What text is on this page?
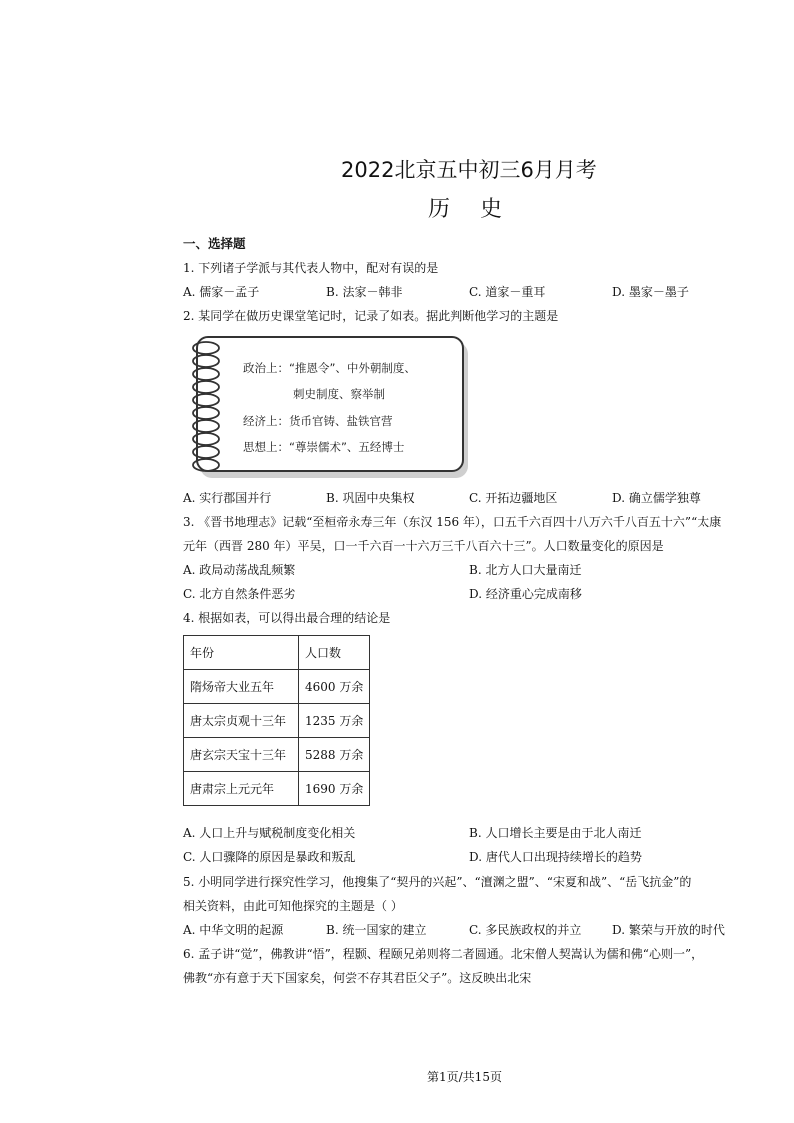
2022北京五中初三6月月考
历史
一、选择题
1. 下列诸子学派与其代表人物中，配对有误的是
A. 儒家－孟子	B. 法家－韩非	C. 道家－重耳	D. 墨家－墨子
2. 某同学在做历史课堂笔记时，记录了如表。据此判断他学习的主题是
政治上：“推恩令”、中外朝制度、
刺史制度、察举制
经济上：货币官铸、盐铁官营
思想上：“尊崇儒术”、五经博士
A. 实行郡国并行	B. 巩固中央集权	C. 开拓边疆地区	D. 确立儒学独尊
3. 《晋书地理志》记载“至桓帝永寿三年（东汉 156 年），口五千六百四十八万六千八百五十六”“太康
元年（西晋 280 年）平吴，口一千六百一十六万三千八百六十三”。人口数量变化的原因是
A. 政局动荡战乱频繁	B. 北方人口大量南迁
C. 北方自然条件恶劣	D. 经济重心完成南移
4. 根据如表，可以得出最合理的结论是
年份	人口数
隋炀帝大业五年	4600 万余
唐太宗贞观十三年	1235 万余
唐玄宗天宝十三年	5288 万余
唐肃宗上元元年	1690 万余
A. 人口上升与赋税制度变化相关	B. 人口增长主要是由于北人南迁
C. 人口骤降的原因是暴政和叛乱	D. 唐代人口出现持续增长的趋势
5. 小明同学进行探究性学习，他搜集了“契丹的兴起”、“澶渊之盟”、“宋夏和战”、“岳飞抗金”的
相关资料，由此可知他探究的主题是（ ）
A. 中华文明的起源	B. 统一国家的建立	C. 多民族政权的并立	D. 繁荣与开放的时代
6. 孟子讲“觉”，佛教讲“悟”，程颢、程颐兄弟则将二者圆通。北宋僧人契嵩认为儒和佛“心则一”，
佛教“亦有意于天下国家矣，何尝不存其君臣父子”。这反映出北宋
第1页/共15页
